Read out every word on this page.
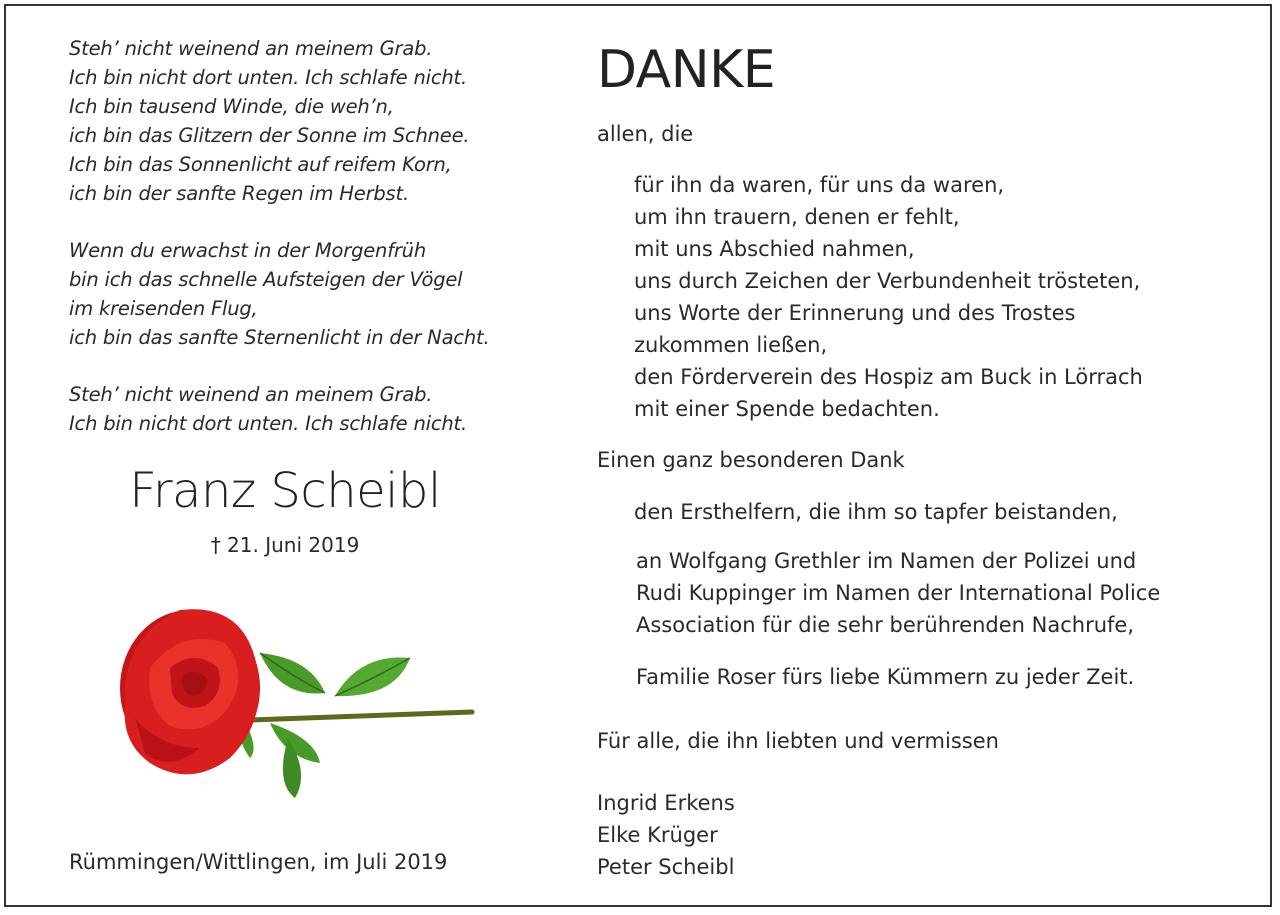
Steh’ nicht weinend an meinem Grab.
Ich bin nicht dort unten. Ich schlafe nicht.
Ich bin tausend Winde, die weh’n,
ich bin das Glitzern der Sonne im Schnee.
Ich bin das Sonnenlicht auf reifem Korn,
ich bin der sanfte Regen im Herbst.
Wenn du erwachst in der Morgenfrüh
bin ich das schnelle Aufsteigen der Vögel
im kreisenden Flug,
ich bin das sanfte Sternenlicht in der Nacht.
Steh’ nicht weinend an meinem Grab.
Ich bin nicht dort unten. Ich schlafe nicht.
Franz Scheibl
† 21. Juni 2019
Rümmingen/Wittlingen, im Juli 2019
DANKE
allen, die
für ihn da waren, für uns da waren,
um ihn trauern, denen er fehlt,
mit uns Abschied nahmen,
uns durch Zeichen der Verbundenheit trösteten,
uns Worte der Erinnerung und des Trostes
zukommen ließen,
den Förderverein des Hospiz am Buck in Lörrach
mit einer Spende bedachten.
Einen ganz besonderen Dank
den Ersthelfern, die ihm so tapfer beistanden,
an Wolfgang Grethler im Namen der Polizei und
Rudi Kuppinger im Namen der International Police
Association für die sehr berührenden Nachrufe,
Familie Roser fürs liebe Kümmern zu jeder Zeit.
Für alle, die ihn liebten und vermissen
Ingrid Erkens
Elke Krüger
Peter Scheibl
